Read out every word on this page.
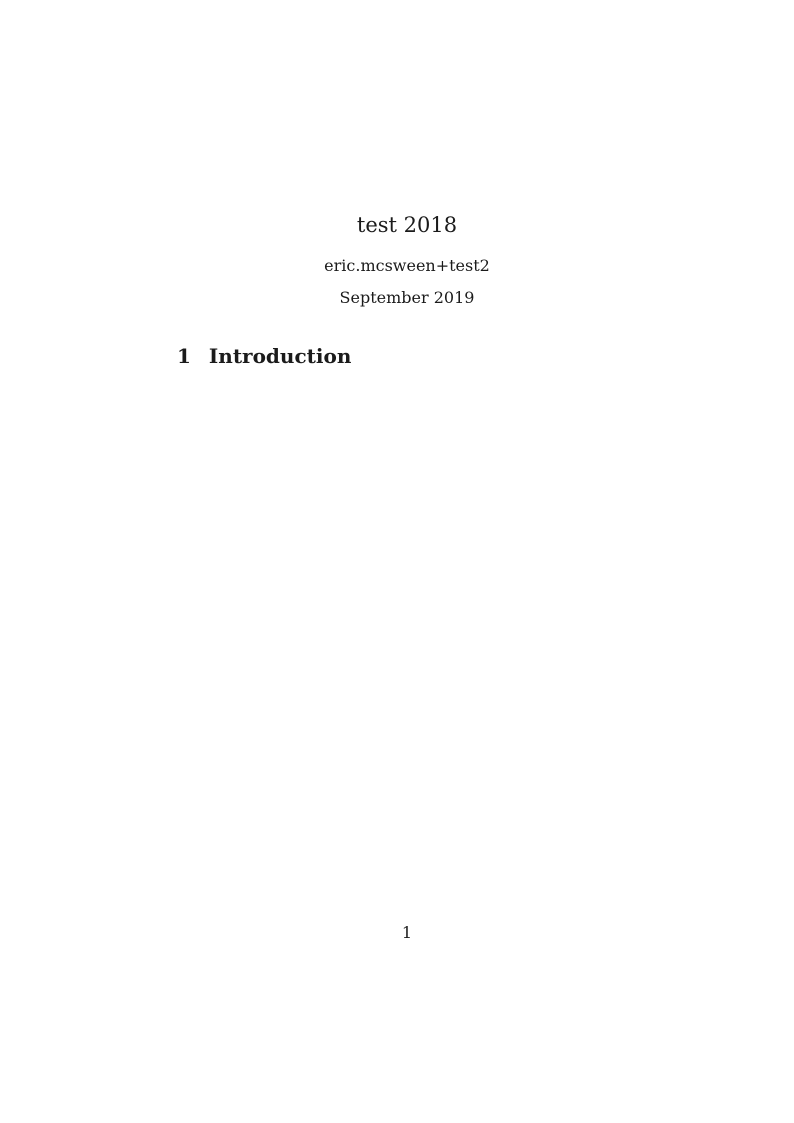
test 2018
eric.mcsween+test2
September 2019
1 Introduction
1
